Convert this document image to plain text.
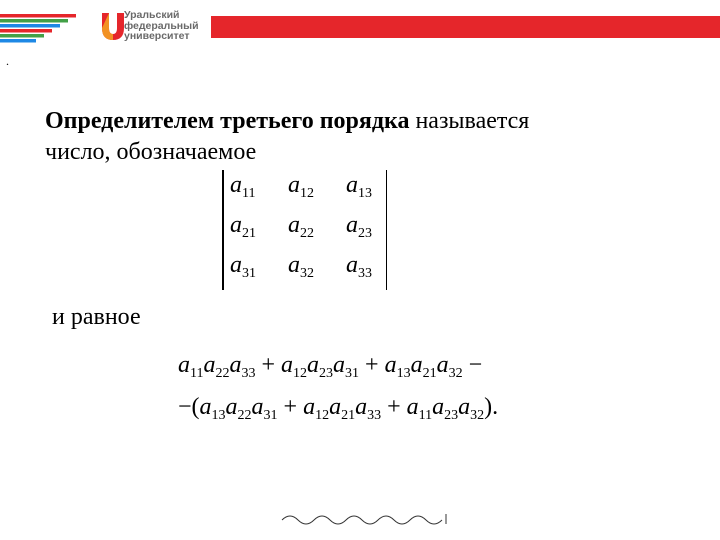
Уральский
федеральный
университет
.
Определителем третьего порядка называется
число, обозначаемое
$a_{11}$ $a_{12}$ $a_{13}$
$a_{21}$ $a_{22}$ $a_{23}$
$a_{31}$ $a_{32}$ $a_{33}$
и равное
$a_{11}a_{22}a_{33} + a_{12}a_{23}a_{31} + a_{13}a_{21}a_{32}$ −
$-(a_{13}a_{22}a_{31} + a_{12}a_{21}a_{33} + a_{11}a_{23}a_{32})$.
